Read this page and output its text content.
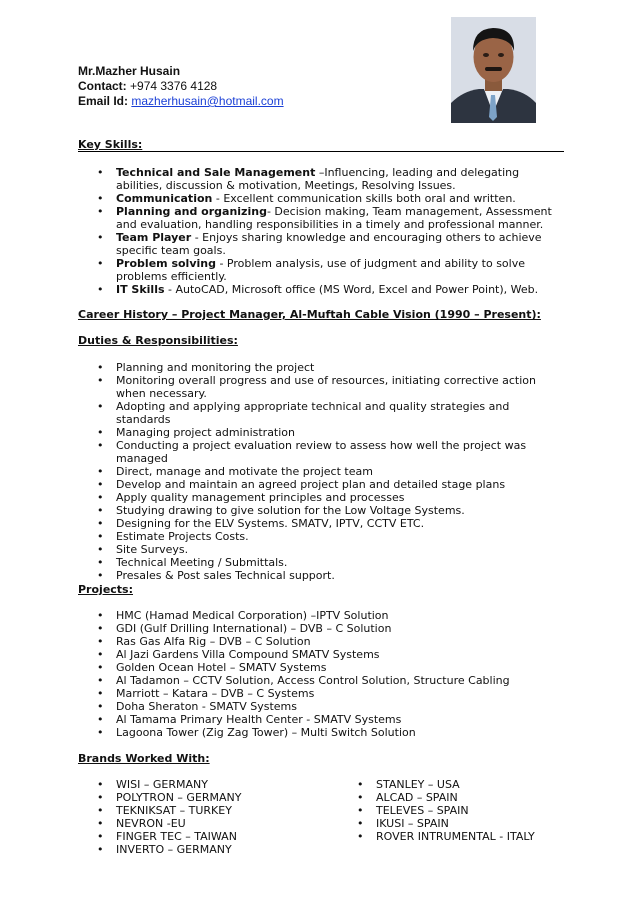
Mr.Mazher Husain
Contact: +974 3376 4128
Email Id: mazherhusain@hotmail.com
Key Skills:
• Technical and Sale Management –Influencing, leading and delegating abilities, discussion & motivation, Meetings, Resolving Issues.
• Communication - Excellent communication skills both oral and written.
• Planning and organizing- Decision making, Team management, Assessment and evaluation, handling responsibilities in a timely and professional manner.
• Team Player - Enjoys sharing knowledge and encouraging others to achieve specific team goals.
• Problem solving - Problem analysis, use of judgment and ability to solve problems efficiently.
• IT Skills - AutoCAD, Microsoft office (MS Word, Excel and Power Point), Web.
Career History – Project Manager, Al-Muftah Cable Vision (1990 – Present):
Duties & Responsibilities:
• Planning and monitoring the project
• Monitoring overall progress and use of resources, initiating corrective action when necessary.
• Adopting and applying appropriate technical and quality strategies and standards
• Managing project administration
• Conducting a project evaluation review to assess how well the project was managed
• Direct, manage and motivate the project team
• Develop and maintain an agreed project plan and detailed stage plans
• Apply quality management principles and processes
• Studying drawing to give solution for the Low Voltage Systems.
• Designing for the ELV Systems. SMATV, IPTV, CCTV ETC.
• Estimate Projects Costs.
• Site Surveys.
• Technical Meeting / Submittals.
• Presales & Post sales Technical support.
Projects:
• HMC (Hamad Medical Corporation) –IPTV Solution
• GDI (Gulf Drilling International) – DVB – C Solution
• Ras Gas Alfa Rig – DVB – C Solution
• Al Jazi Gardens Villa Compound SMATV Systems
• Golden Ocean Hotel – SMATV Systems
• Al Tadamon – CCTV Solution, Access Control Solution, Structure Cabling
• Marriott – Katara – DVB – C Systems
• Doha Sheraton - SMATV Systems
• Al Tamama Primary Health Center - SMATV Systems
• Lagoona Tower (Zig Zag Tower) – Multi Switch Solution
Brands Worked With:
• WISI – GERMANY
• POLYTRON – GERMANY
• TEKNIKSAT – TURKEY
• NEVRON -EU
• FINGER TEC – TAIWAN
• INVERTO – GERMANY
• STANLEY – USA
• ALCAD – SPAIN
• TELEVES – SPAIN
• IKUSI – SPAIN
• ROVER INTRUMENTAL - ITALY
